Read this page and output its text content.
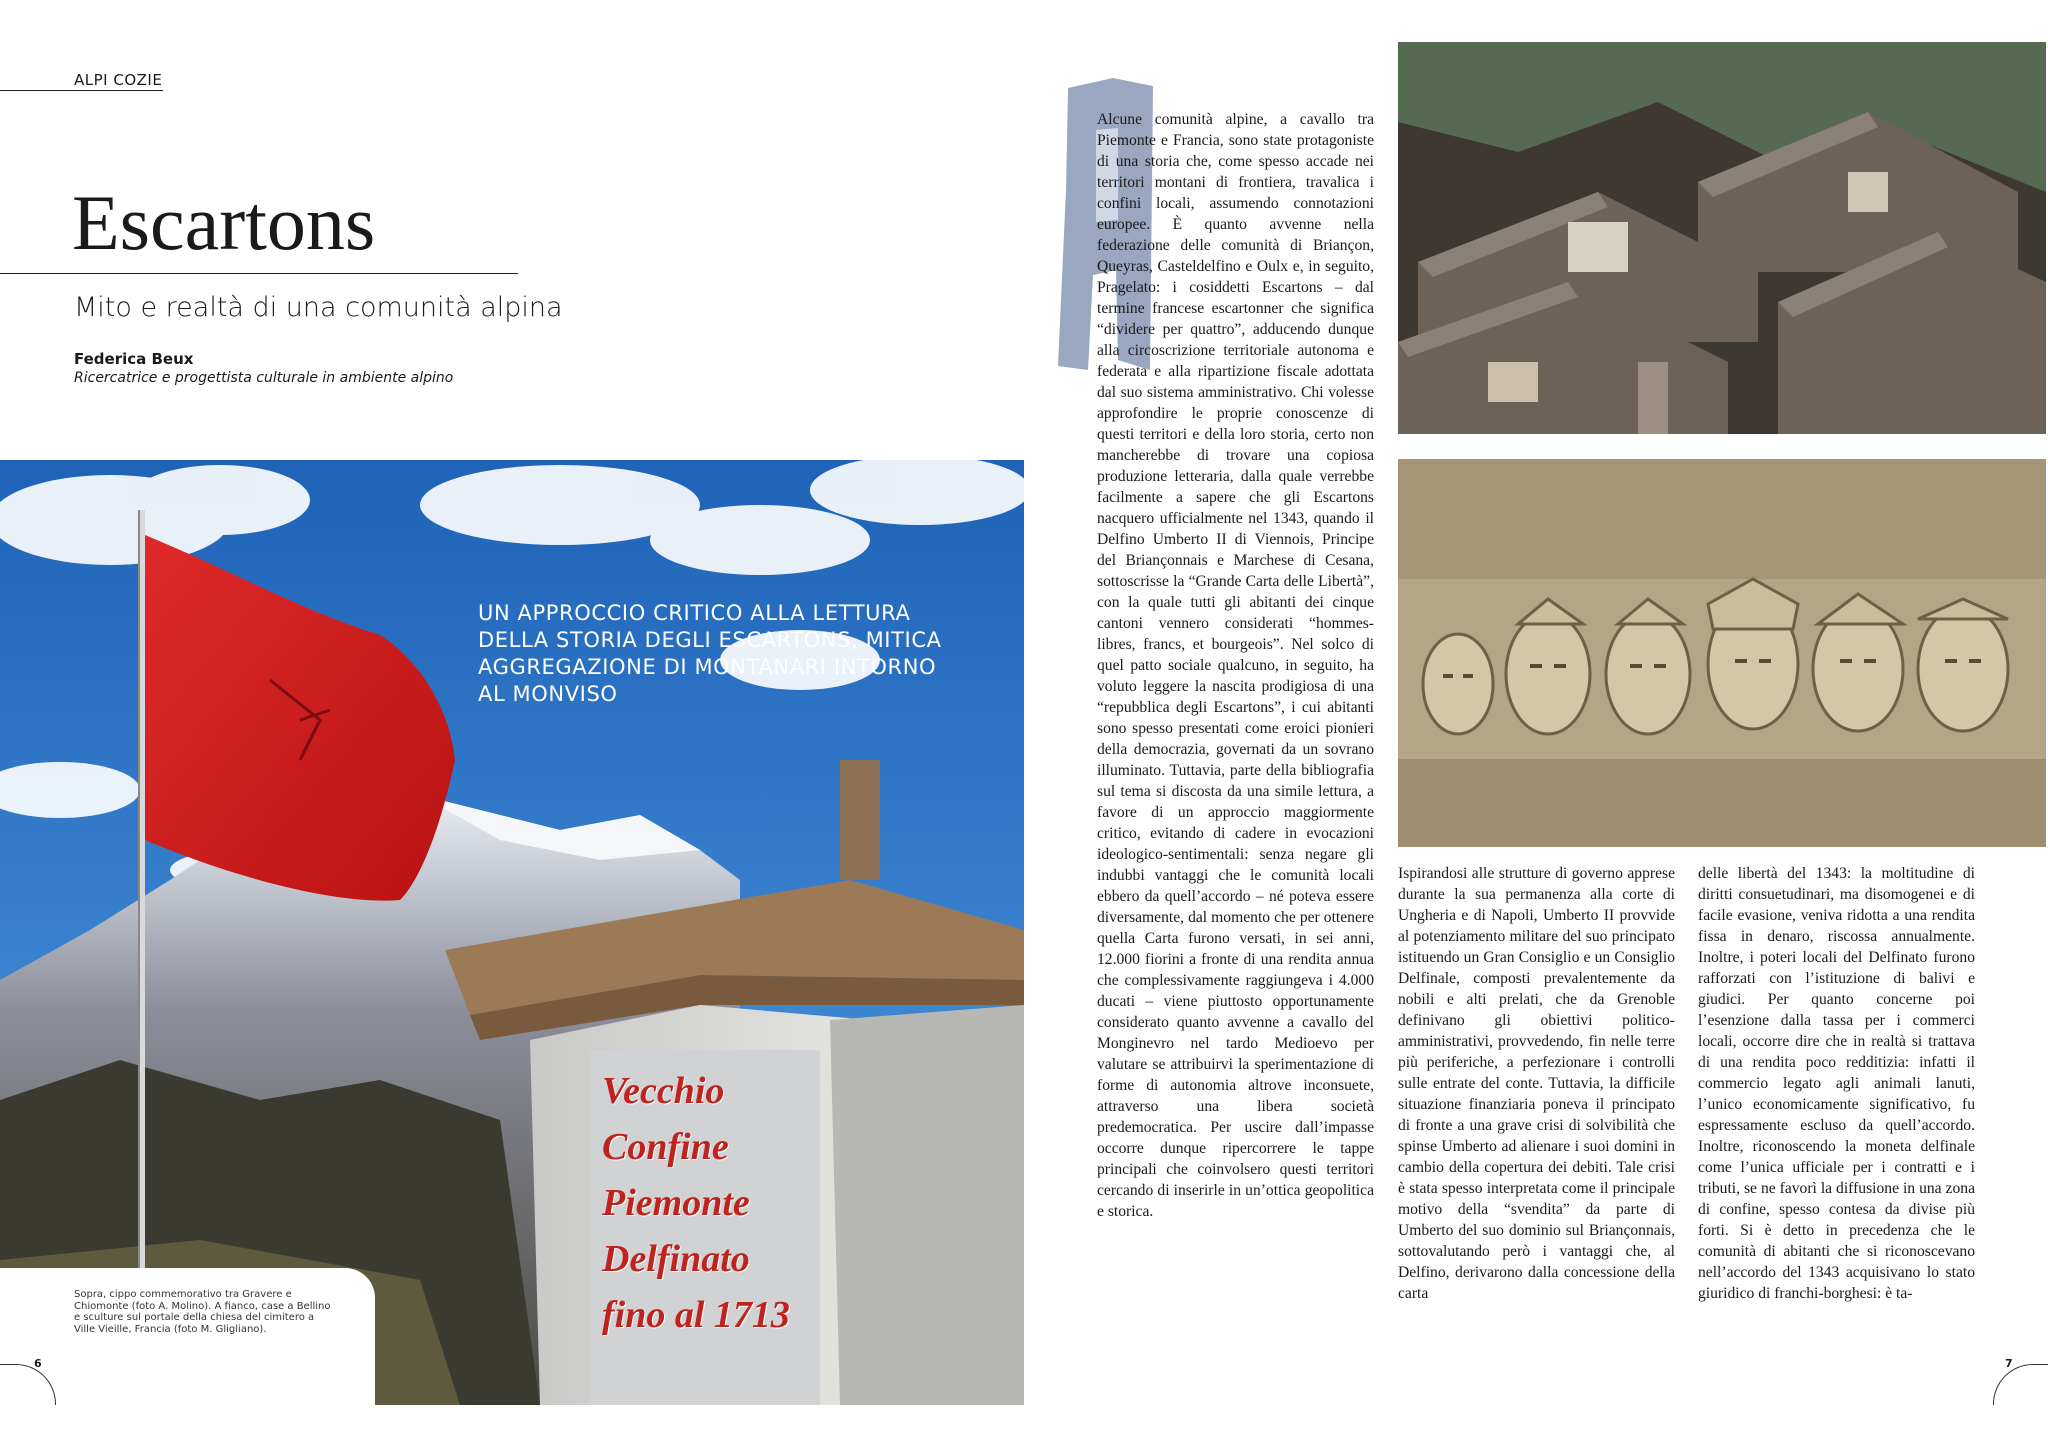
ALPI COZIE
Escartons
Mito e realtà di una comunità alpina
Federica Beux
Ricercatrice e progettista culturale in ambiente alpino
Vecchio
Confine
Piemonte
Delfinato
fino al 1713
UN APPROCCIO CRITICO ALLA LETTURA DELLA STORIA DEGLI ESCARTONS, MITICA AGGREGAZIONE DI MONTANARI INTORNO AL MONVISO
Sopra, cippo commemorativo tra Gravere e Chiomonte (foto A. Molino). A fianco, case a Bellino e sculture sul portale della chiesa del cimitero a Ville Vieille, Francia (foto M. Gligliano).
6	7

Alcune comunità alpine, a cavallo tra Piemonte e Francia, sono state protagoniste di una storia che, come spesso accade nei territori montani di frontiera, travalica i confini locali, assumendo connotazioni europee. È quanto avvenne nella federazione delle comunità di Briançon, Queyras, Casteldelfino e Oulx e, in seguito, Pragelato: i cosiddetti Escartons – dal termine francese escartonner che significa “dividere per quattro”, adducendo dunque alla circoscrizione territoriale autonoma e federata e alla ripartizione fiscale adottata dal suo sistema amministrativo. Chi volesse approfondire le proprie conoscenze di questi territori e della loro storia, certo non mancherebbe di trovare una copiosa produzione letteraria, dalla quale verrebbe facilmente a sapere che gli Escartons nacquero ufficialmente nel 1343, quando il Delfino Umberto II di Viennois, Principe del Briançonnais e Marchese di Cesana, sottoscrisse la “Grande Carta delle Libertà”, con la quale tutti gli abitanti dei cinque cantoni vennero considerati “hommes-libres, francs, et bourgeois”. Nel solco di quel patto sociale qualcuno, in seguito, ha voluto leggere la nascita prodigiosa di una “repubblica degli Escartons”, i cui abitanti sono spesso presentati come eroici pionieri della democrazia, governati da un sovrano illuminato. Tuttavia, parte della bibliografia sul tema si discosta da una simile lettura, a favore di un approccio maggiormente critico, evitando di cadere in evocazioni ideologico-sentimentali: senza negare gli indubbi vantaggi che le comunità locali ebbero da quell’accordo – né poteva essere diversamente, dal momento che per ottenere quella Carta furono versati, in sei anni, 12.000 fiorini a fronte di una rendita annua che complessivamente raggiungeva i 4.000 ducati – viene piuttosto opportunamente considerato quanto avvenne a cavallo del Monginevro nel tardo Medioevo per valutare se attribuirvi la sperimentazione di forme di autonomia altrove inconsuete, attraverso una libera società predemocratica. Per uscire dall’impasse occorre dunque ripercorrere le tappe principali che coinvolsero questi territori cercando di inserirle in un’ottica geopolitica e storica.

Ispirandosi alle strutture di governo apprese durante la sua permanenza alla corte di Ungheria e di Napoli, Umberto II provvide al potenziamento militare del suo principato istituendo un Gran Consiglio e un Consiglio Delfinale, composti prevalentemente da nobili e alti prelati, che da Grenoble definivano gli obiettivi politico-amministrativi, provvedendo, fin nelle terre più periferiche, a perfezionare i controlli sulle entrate del conte. Tuttavia, la difficile situazione finanziaria poneva il principato di fronte a una grave crisi di solvibilità che spinse Umberto ad alienare i suoi domini in cambio della copertura dei debiti. Tale crisi è stata spesso interpretata come il principale motivo della “svendita” da parte di Umberto del suo dominio sul Briançonnais, sottovalutando però i vantaggi che, al Delfino, derivarono dalla concessione della carta

delle libertà del 1343: la moltitudine di diritti consuetudinari, ma disomogenei e di facile evasione, veniva ridotta a una rendita fissa in denaro, riscossa annualmente. Inoltre, i poteri locali del Delfinato furono rafforzati con l’istituzione di balivi e giudici. Per quanto concerne poi l’esenzione dalla tassa per i commerci locali, occorre dire che in realtà si trattava di una rendita poco redditizia: infatti il commercio legato agli animali lanuti, l’unico economicamente significativo, fu espressamente escluso da quell’accordo. Inoltre, riconoscendo la moneta delfinale come l’unica ufficiale per i contratti e i tributi, se ne favorì la diffusione in una zona di confine, spesso contesa da divise più forti. Si è detto in precedenza che le comunità di abitanti che si riconoscevano nell’accordo del 1343 acquisivano lo stato giuridico di franchi-borghesi: è ta-
